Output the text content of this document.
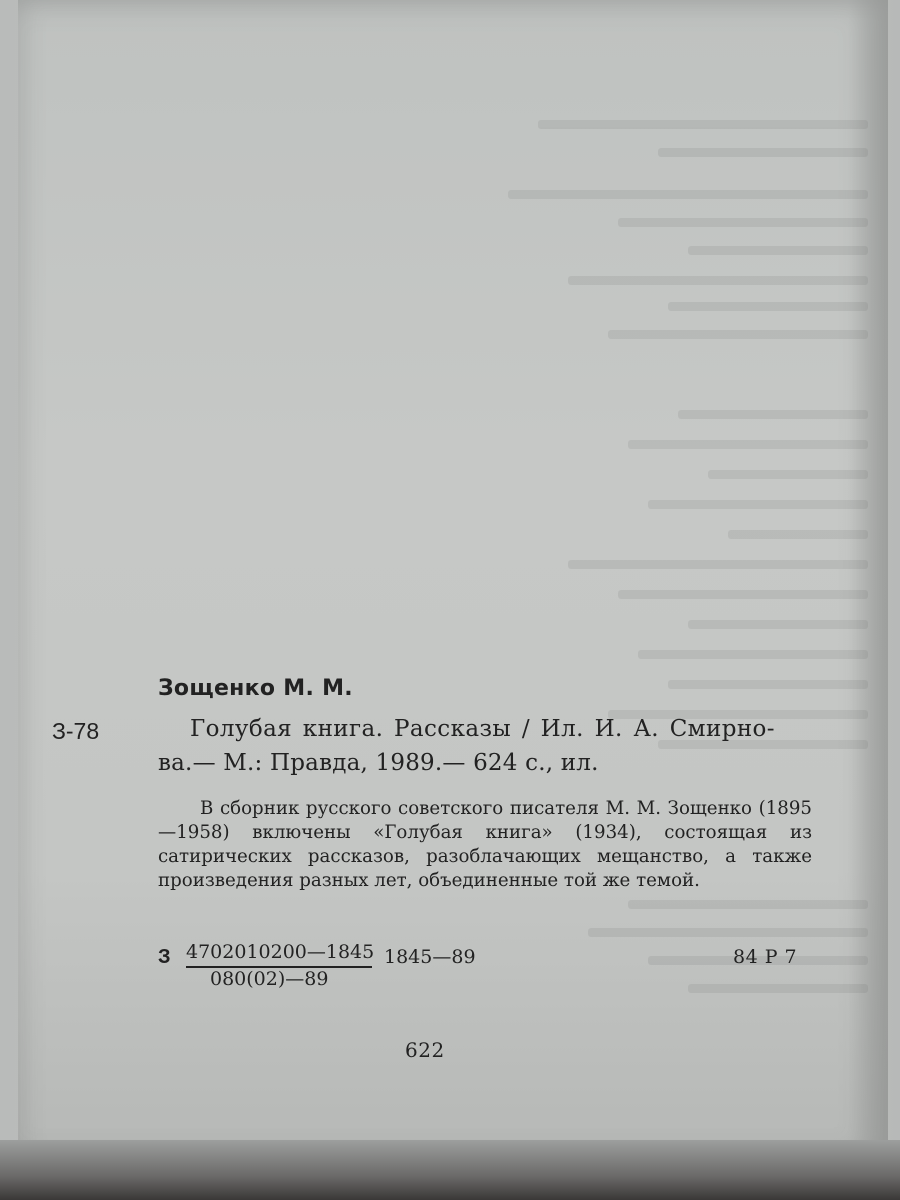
Зощенко М. М.
З-78	Голубая книга. Рассказы / Ил. И. А. Смирно-
ва.— М.: Правда, 1989.— 624 с., ил.
В сборник русского советского писателя М. М. Зощенко (1895—1958) включены «Голубая книга» (1934), состоящая из сатирических рассказов, разоблачающих мещанство, а также произведения разных лет, объединенные той же темой.
З 4702010200—1845
080(02)—89
1845—89	84 Р 7
622
